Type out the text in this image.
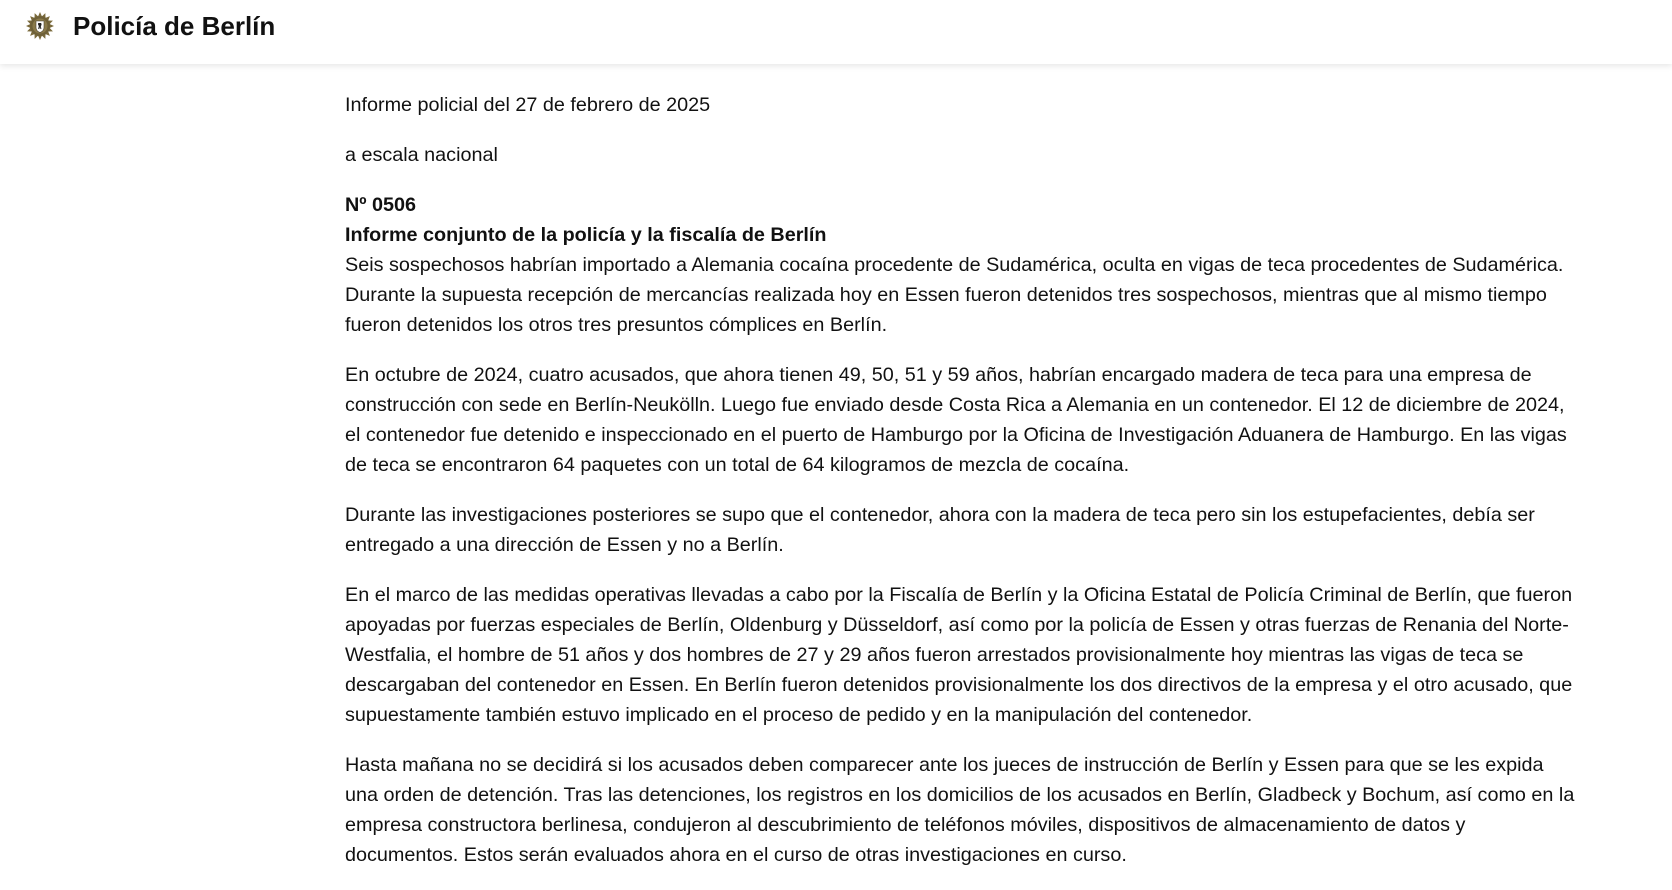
Policía de Berlín

Informe policial del 27 de febrero de 2025

a escala nacional

Nº 0506
Informe conjunto de la policía y la fiscalía de Berlín
Seis sospechosos habrían importado a Alemania cocaína procedente de Sudamérica, oculta en vigas de teca procedentes de Sudamérica. Durante la supuesta recepción de mercancías realizada hoy en Essen fueron detenidos tres sospechosos, mientras que al mismo tiempo fueron detenidos los otros tres presuntos cómplices en Berlín.

En octubre de 2024, cuatro acusados, que ahora tienen 49, 50, 51 y 59 años, habrían encargado madera de teca para una empresa de construcción con sede en Berlín-Neukölln. Luego fue enviado desde Costa Rica a Alemania en un contenedor. El 12 de diciembre de 2024, el contenedor fue detenido e inspeccionado en el puerto de Hamburgo por la Oficina de Investigación Aduanera de Hamburgo. En las vigas de teca se encontraron 64 paquetes con un total de 64 kilogramos de mezcla de cocaína.

Durante las investigaciones posteriores se supo que el contenedor, ahora con la madera de teca pero sin los estupefacientes, debía ser entregado a una dirección de Essen y no a Berlín.

En el marco de las medidas operativas llevadas a cabo por la Fiscalía de Berlín y la Oficina Estatal de Policía Criminal de Berlín, que fueron apoyadas por fuerzas especiales de Berlín, Oldenburg y Düsseldorf, así como por la policía de Essen y otras fuerzas de Renania del Norte-Westfalia, el hombre de 51 años y dos hombres de 27 y 29 años fueron arrestados provisionalmente hoy mientras las vigas de teca se descargaban del contenedor en Essen. En Berlín fueron detenidos provisionalmente los dos directivos de la empresa y el otro acusado, que supuestamente también estuvo implicado en el proceso de pedido y en la manipulación del contenedor.

Hasta mañana no se decidirá si los acusados deben comparecer ante los jueces de instrucción de Berlín y Essen para que se les expida una orden de detención. Tras las detenciones, los registros en los domicilios de los acusados en Berlín, Gladbeck y Bochum, así como en la empresa constructora berlinesa, condujeron al descubrimiento de teléfonos móviles, dispositivos de almacenamiento de datos y documentos. Estos serán evaluados ahora en el curso de otras investigaciones en curso.
